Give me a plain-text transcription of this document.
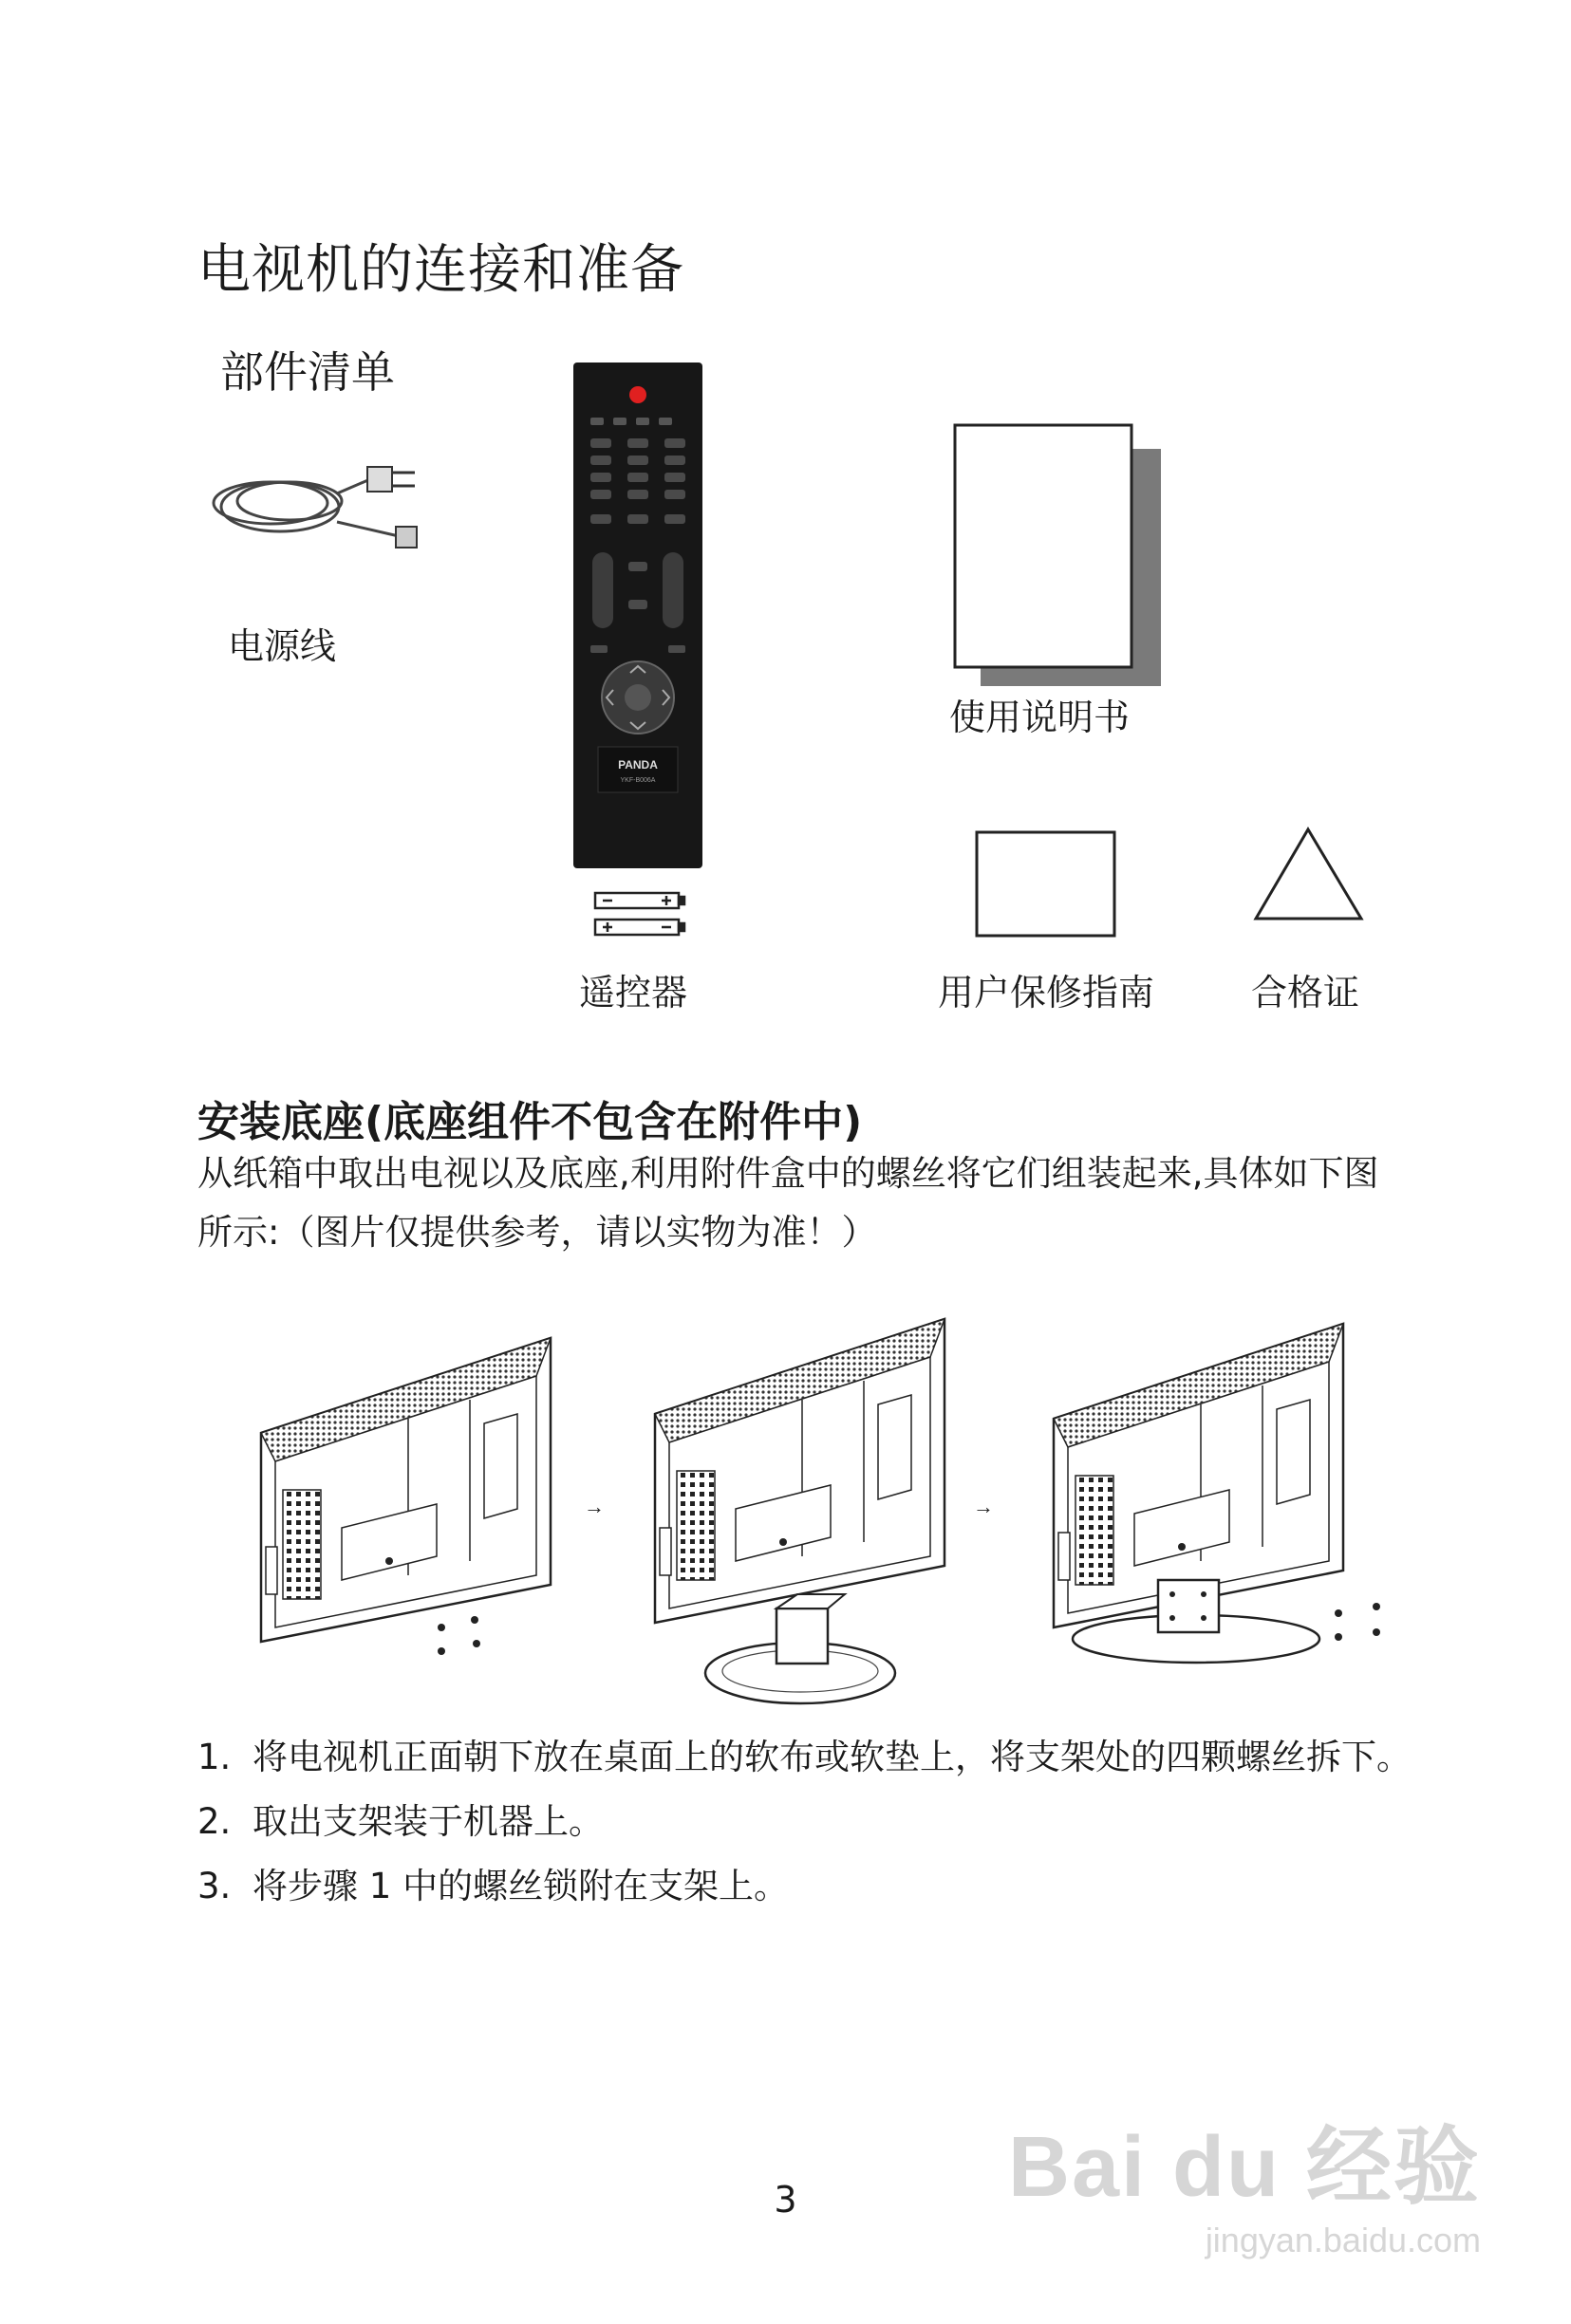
电视机的连接和准备
部件清单
电源线
PANDA
YKF-B006A
遥控器
使用说明书
用户保修指南	合格证
安装底座(底座组件不包含在附件中)
从纸箱中取出电视以及底座,利用附件盒中的螺丝将它们组装起来,具体如下图所示:（图片仅提供参考，请以实物为准！）
→	→
1. 将电视机正面朝下放在桌面上的软布或软垫上，将支架处的四颗螺丝拆下。
2. 取出支架装于机器上。
3. 将步骤 1 中的螺丝锁附在支架上。
3	Bai du 经验
jingyan.baidu.com
